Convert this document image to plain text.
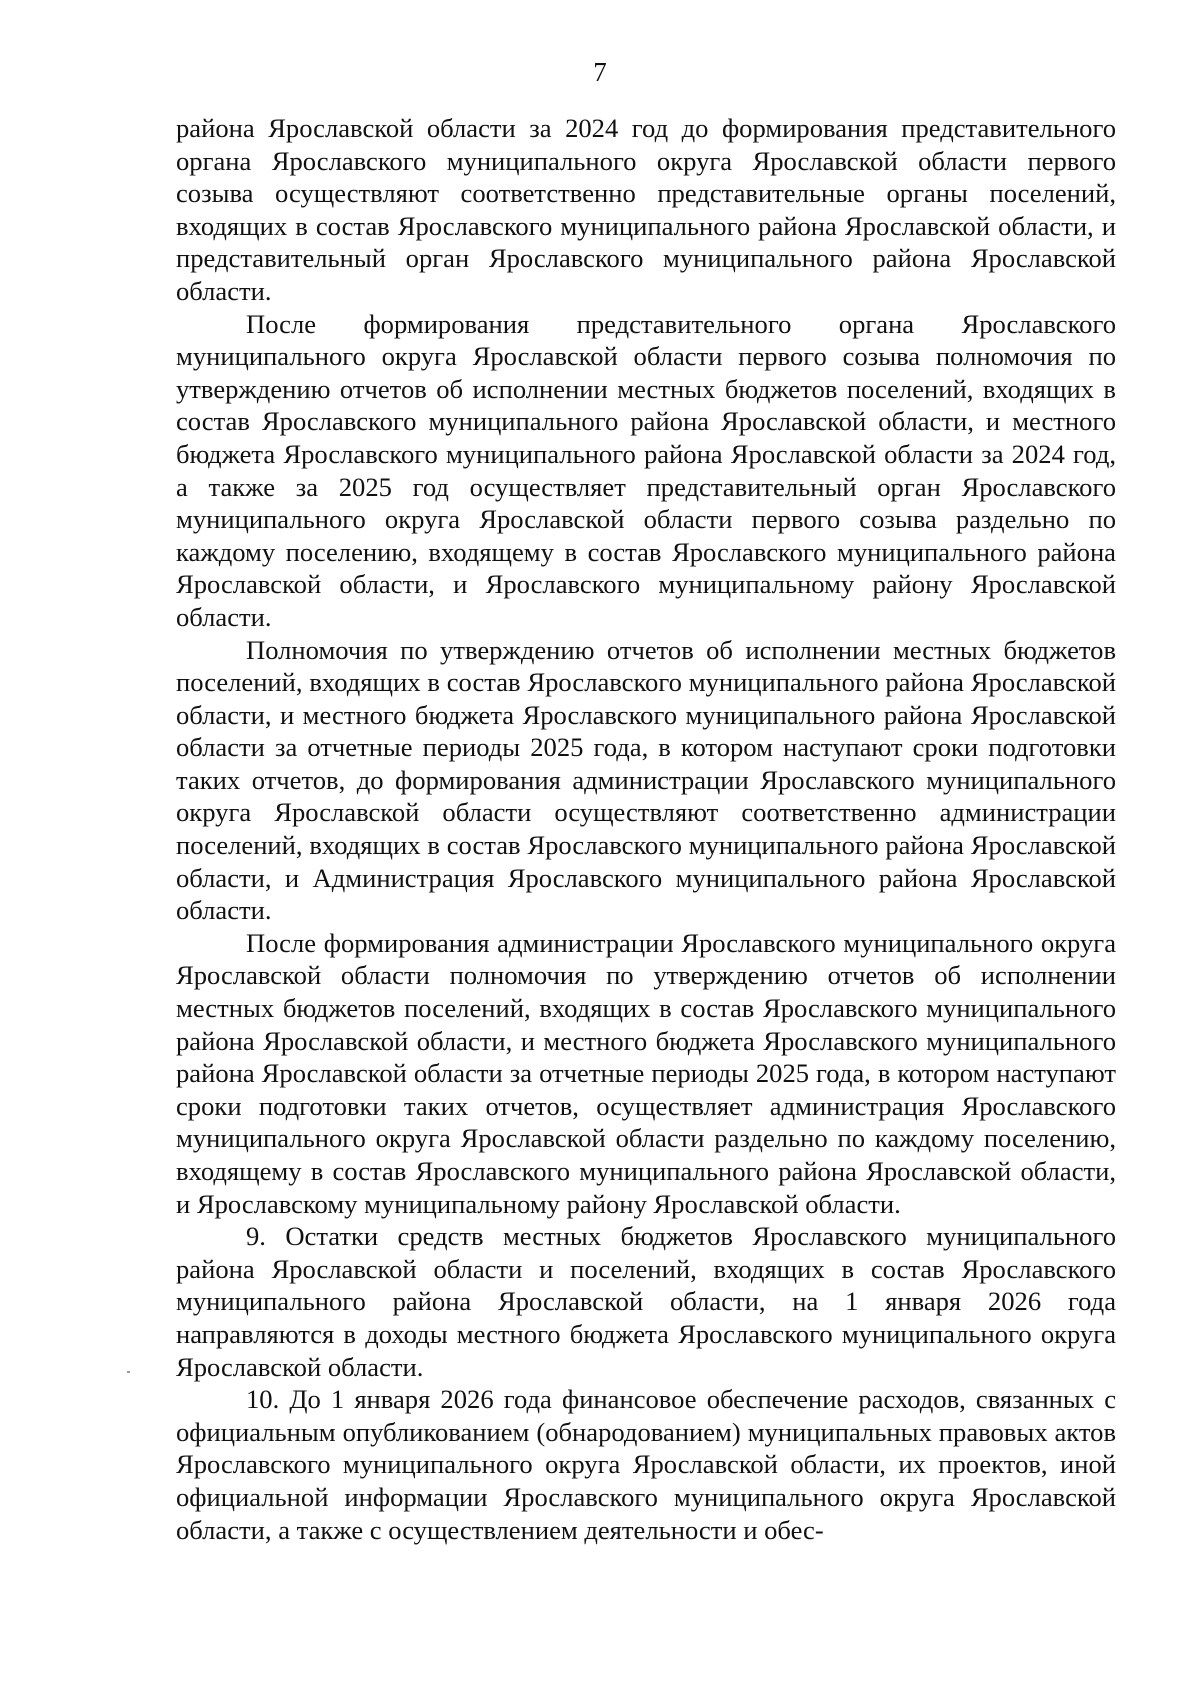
7

района Ярославской области за 2024 год до формирования представительного органа Ярославского муниципального округа Ярославской области первого созыва осуществляют соответственно представительные органы поселений, входящих в состав Ярославского муниципального района Ярославской области, и представительный орган Ярославского муниципального района Ярославской области.

После формирования представительного органа Ярославского муниципального округа Ярославской области первого созыва полномочия по утверждению отчетов об исполнении местных бюджетов поселений, входящих в состав Ярославского муниципального района Ярославской области, и местного бюджета Ярославского муниципального района Ярославской области за 2024 год, а также за 2025 год осуществляет представительный орган Ярославского муниципального округа Ярославской области первого созыва раздельно по каждому поселению, входящему в состав Ярославского муниципального района Ярославской области, и Ярославского муниципальному району Ярославской области.

Полномочия по утверждению отчетов об исполнении местных бюджетов поселений, входящих в состав Ярославского муниципального района Ярославской области, и местного бюджета Ярославского муниципального района Ярославской области за отчетные периоды 2025 года, в котором наступают сроки подготовки таких отчетов, до формирования администрации Ярославского муниципального округа Ярославской области осуществляют соответственно администрации поселений, входящих в состав Ярославского муниципального района Ярославской области, и Администрация Ярославского муниципального района Ярославской области.

После формирования администрации Ярославского муниципального округа Ярославской области полномочия по утверждению отчетов об исполнении местных бюджетов поселений, входящих в состав Ярославского муниципального района Ярославской области, и местного бюджета Ярославского муниципального района Ярославской области за отчетные периоды 2025 года, в котором наступают сроки подготовки таких отчетов, осуществляет администрация Ярославского муниципального округа Ярославской области раздельно по каждому поселению, входящему в состав Ярославского муниципального района Ярославской области, и Ярославскому муниципальному району Ярославской области.

9. Остатки средств местных бюджетов Ярославского муниципального района Ярославской области и поселений, входящих в состав Ярославского муниципального района Ярославской области, на 1 января 2026 года направляются в доходы местного бюджета Ярославского муниципального округа Ярославской области.

10. До 1 января 2026 года финансовое обеспечение расходов, связанных с официальным опубликованием (обнародованием) муниципальных правовых актов Ярославского муниципального округа Ярославской области, их проектов, иной официальной информации Ярославского муниципального округа Ярославской области, а также с осуществлением деятельности и обес-
